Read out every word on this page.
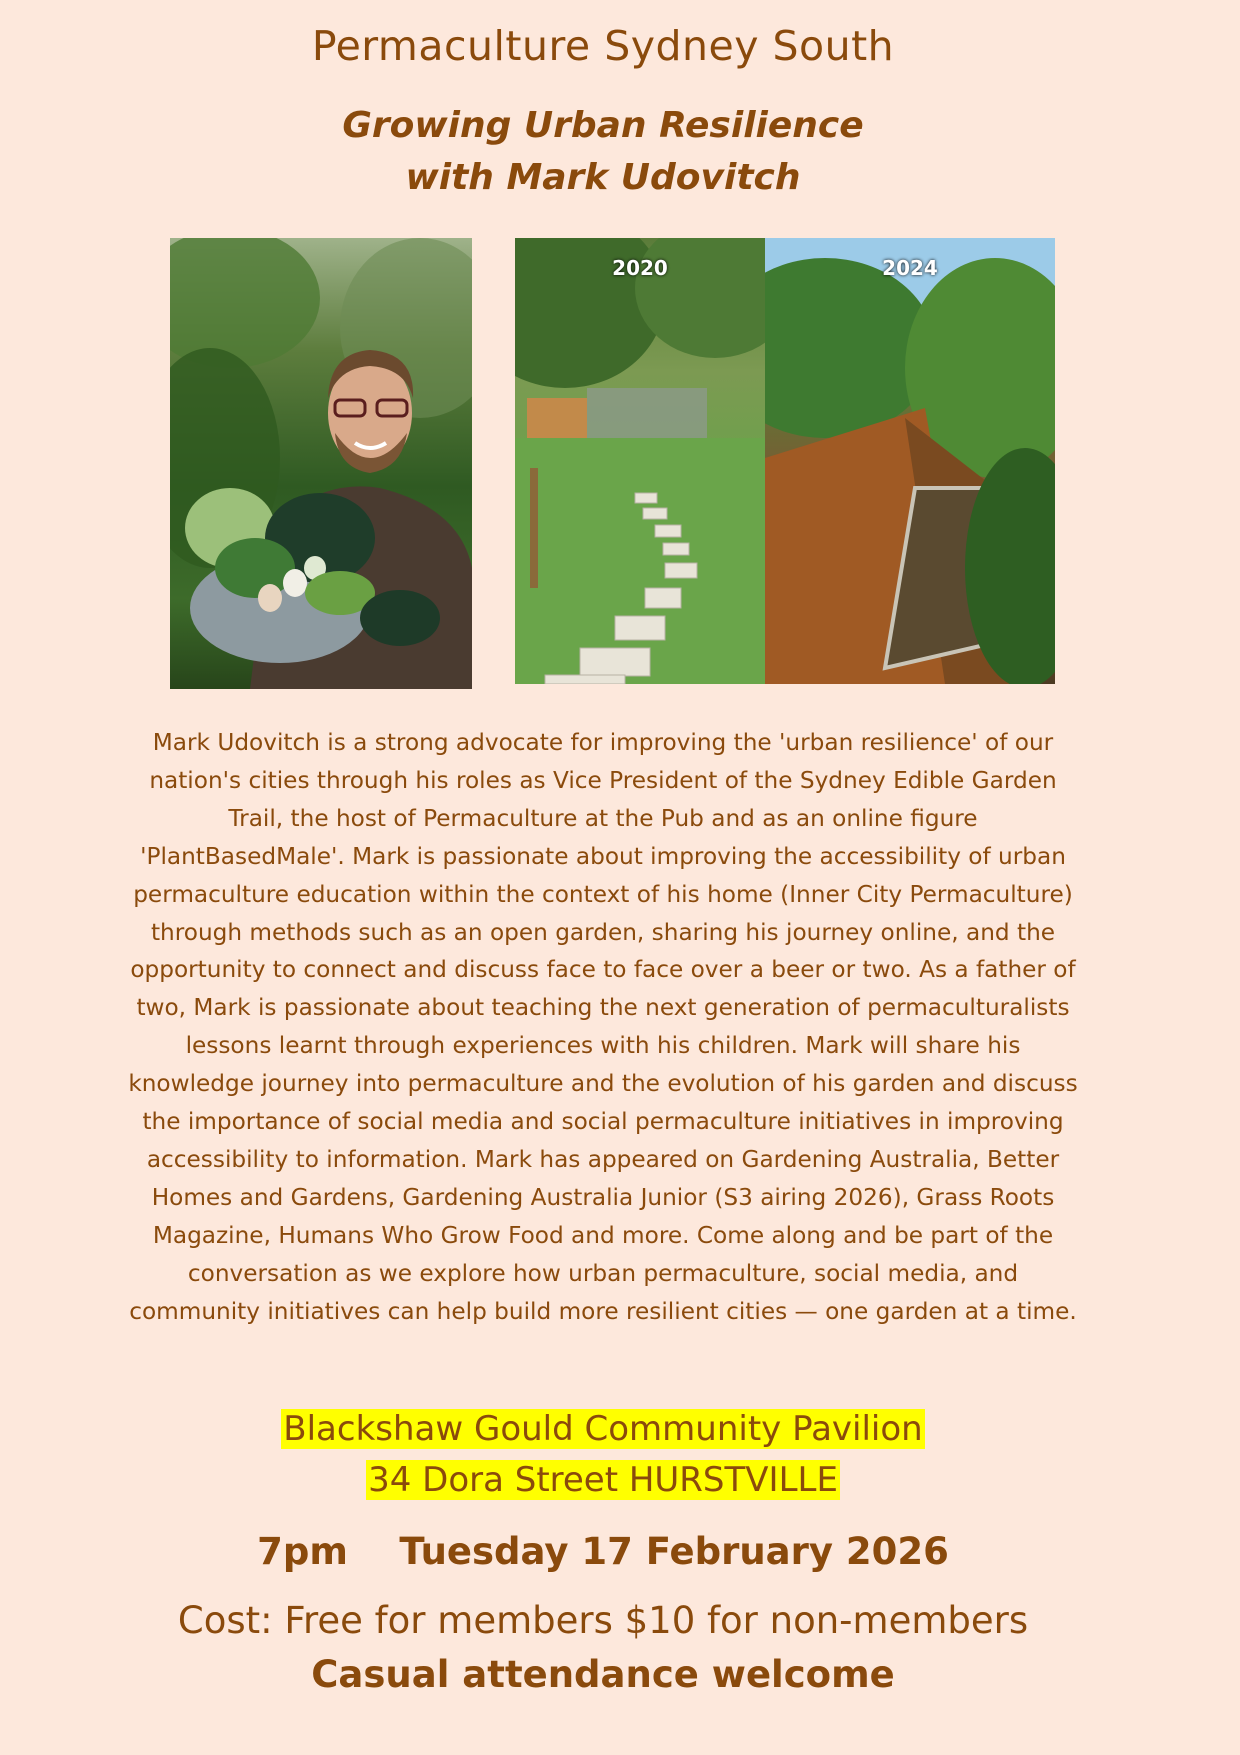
Permaculture Sydney South
Growing Urban Resilience
with Mark Udovitch
2020	2024
Mark Udovitch is a strong advocate for improving the 'urban resilience' of our nation's cities through his roles as Vice President of the Sydney Edible Garden Trail, the host of Permaculture at the Pub and as an online figure 'PlantBasedMale'. Mark is passionate about improving the accessibility of urban permaculture education within the context of his home (Inner City Permaculture) through methods such as an open garden, sharing his journey online, and the opportunity to connect and discuss face to face over a beer or two. As a father of two, Mark is passionate about teaching the next generation of permaculturalists lessons learnt through experiences with his children. Mark will share his knowledge journey into permaculture and the evolution of his garden and discuss the importance of social media and social permaculture initiatives in improving accessibility to information. Mark has appeared on Gardening Australia, Better Homes and Gardens, Gardening Australia Junior (S3 airing 2026), Grass Roots Magazine, Humans Who Grow Food and more. Come along and be part of the conversation as we explore how urban permaculture, social media, and community initiatives can help build more resilient cities — one garden at a time.
Blackshaw Gould Community Pavilion
34 Dora Street HURSTVILLE
7pm Tuesday 17 February 2026
Cost: Free for members $10 for non-members
Casual attendance welcome
